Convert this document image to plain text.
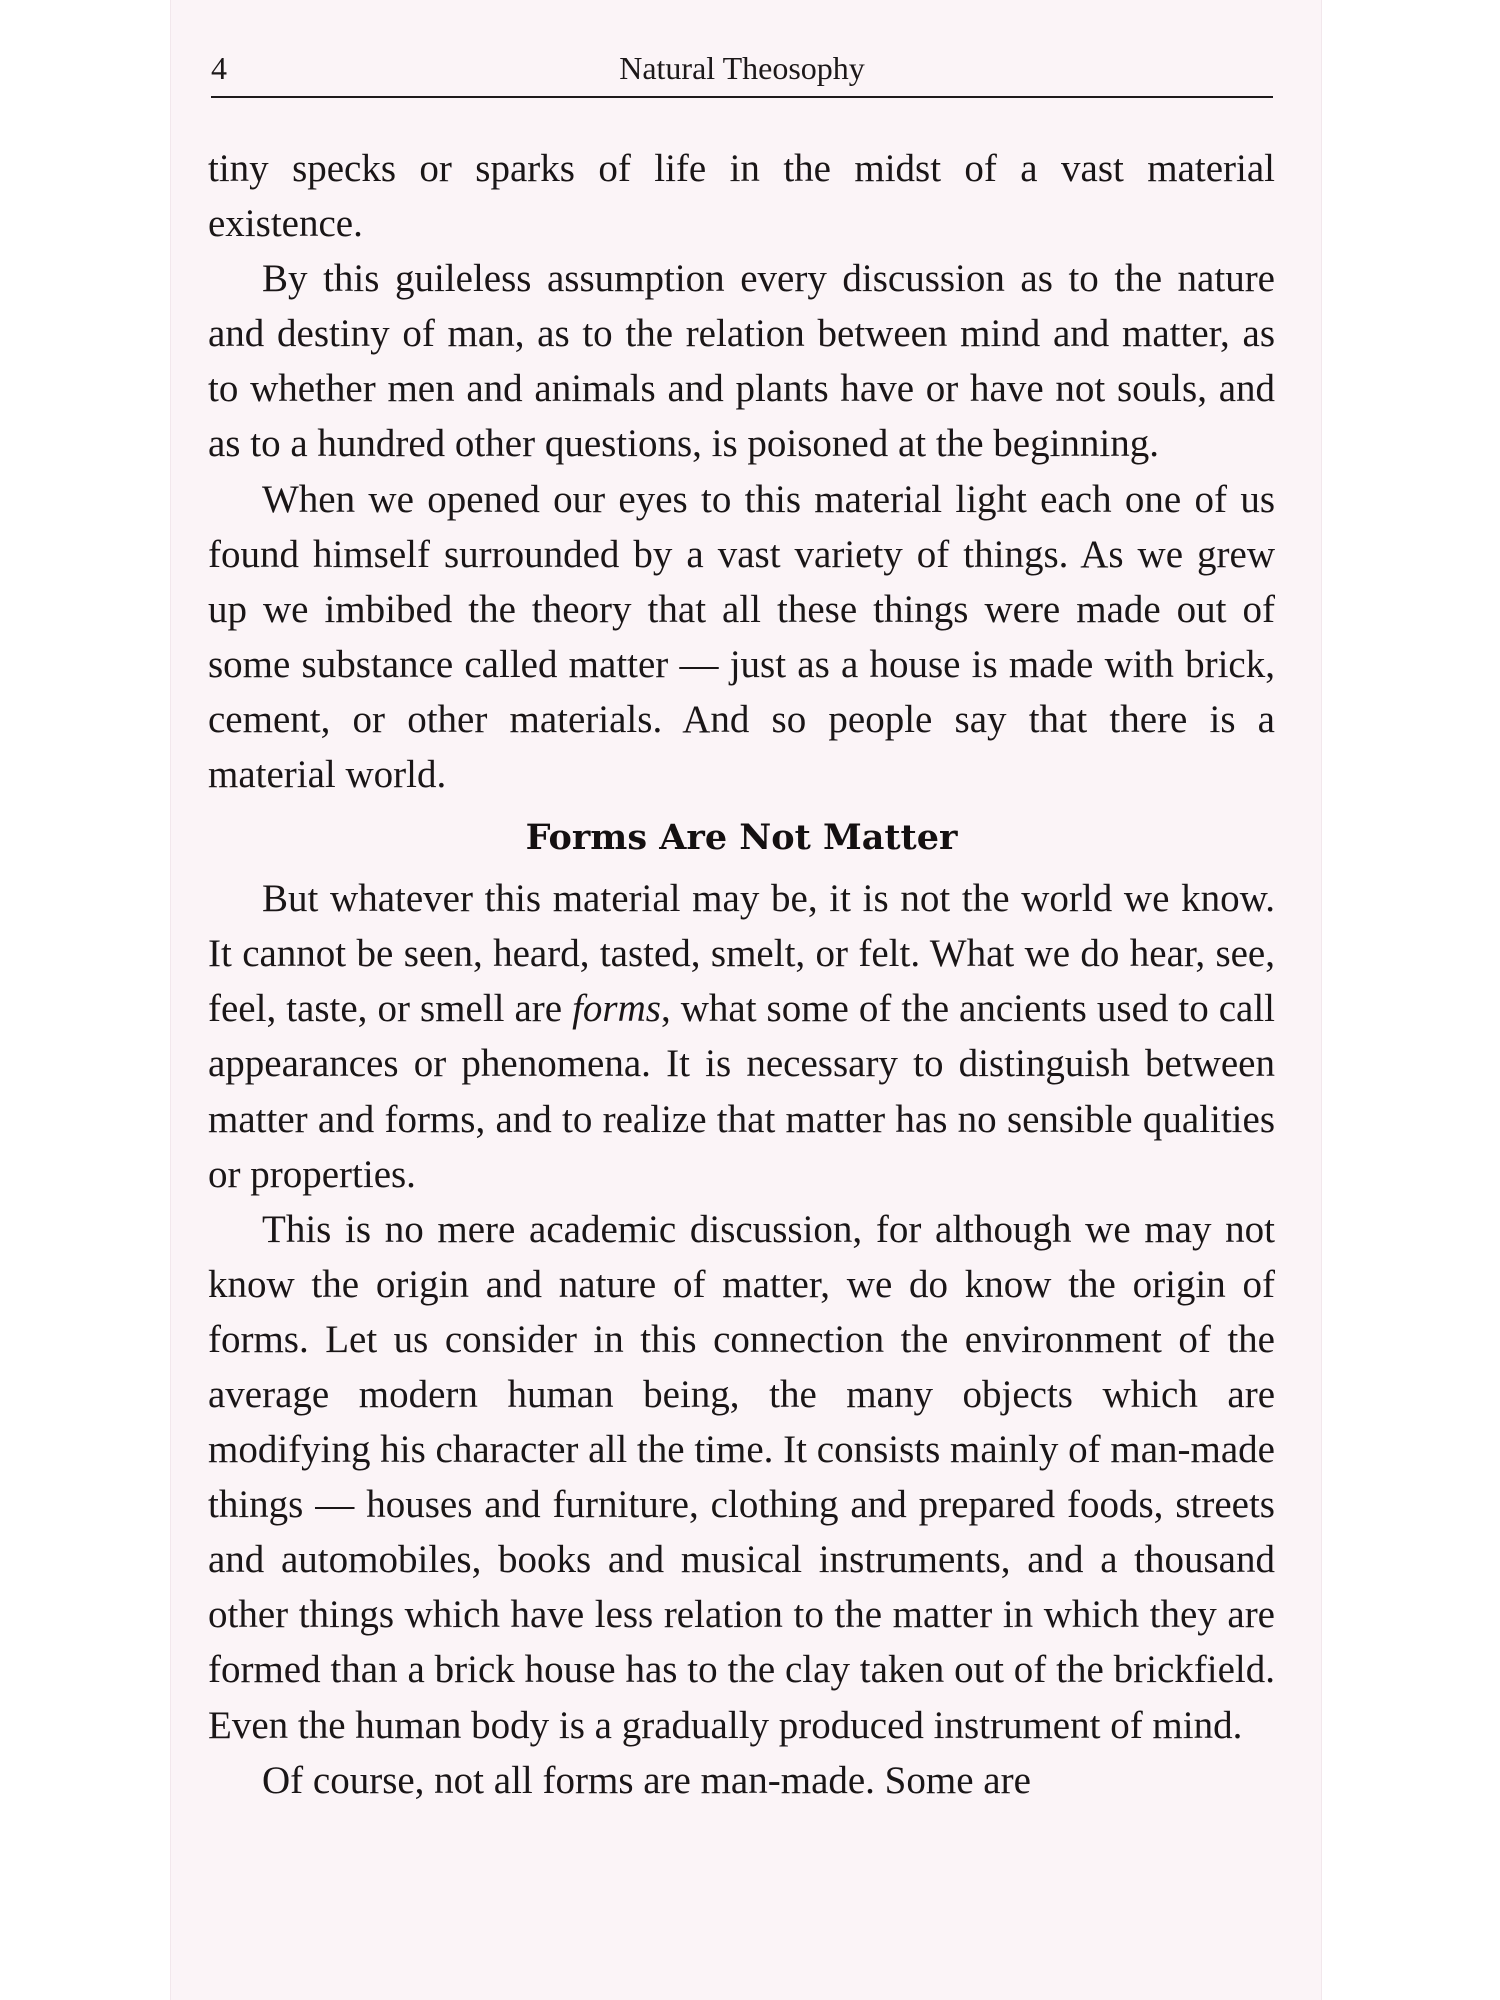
4	Natural Theosophy

tiny specks or sparks of life in the midst of a vast material existence.

By this guileless assumption every discussion as to the nature and destiny of man, as to the relation between mind and matter, as to whether men and animals and plants have or have not souls, and as to a hundred other questions, is poisoned at the beginning.

When we opened our eyes to this material light each one of us found himself surrounded by a vast variety of things. As we grew up we imbibed the theory that all these things were made out of some substance called matter — just as a house is made with brick, cement, or other materials. And so people say that there is a material world.

Forms Are Not Matter

But whatever this material may be, it is not the world we know. It cannot be seen, heard, tasted, smelt, or felt. What we do hear, see, feel, taste, or smell are forms, what some of the ancients used to call appearances or phenomena. It is necessary to distinguish between matter and forms, and to realize that matter has no sensible qualities or properties.

This is no mere academic discussion, for although we may not know the origin and nature of matter, we do know the origin of forms. Let us consider in this connection the environment of the average modern human being, the many objects which are modifying his character all the time. It consists mainly of man-made things — houses and furniture, clothing and prepared foods, streets and automobiles, books and musical instruments, and a thousand other things which have less relation to the matter in which they are formed than a brick house has to the clay taken out of the brickfield. Even the human body is a gradually produced instrument of mind.

Of course, not all forms are man-made. Some are
